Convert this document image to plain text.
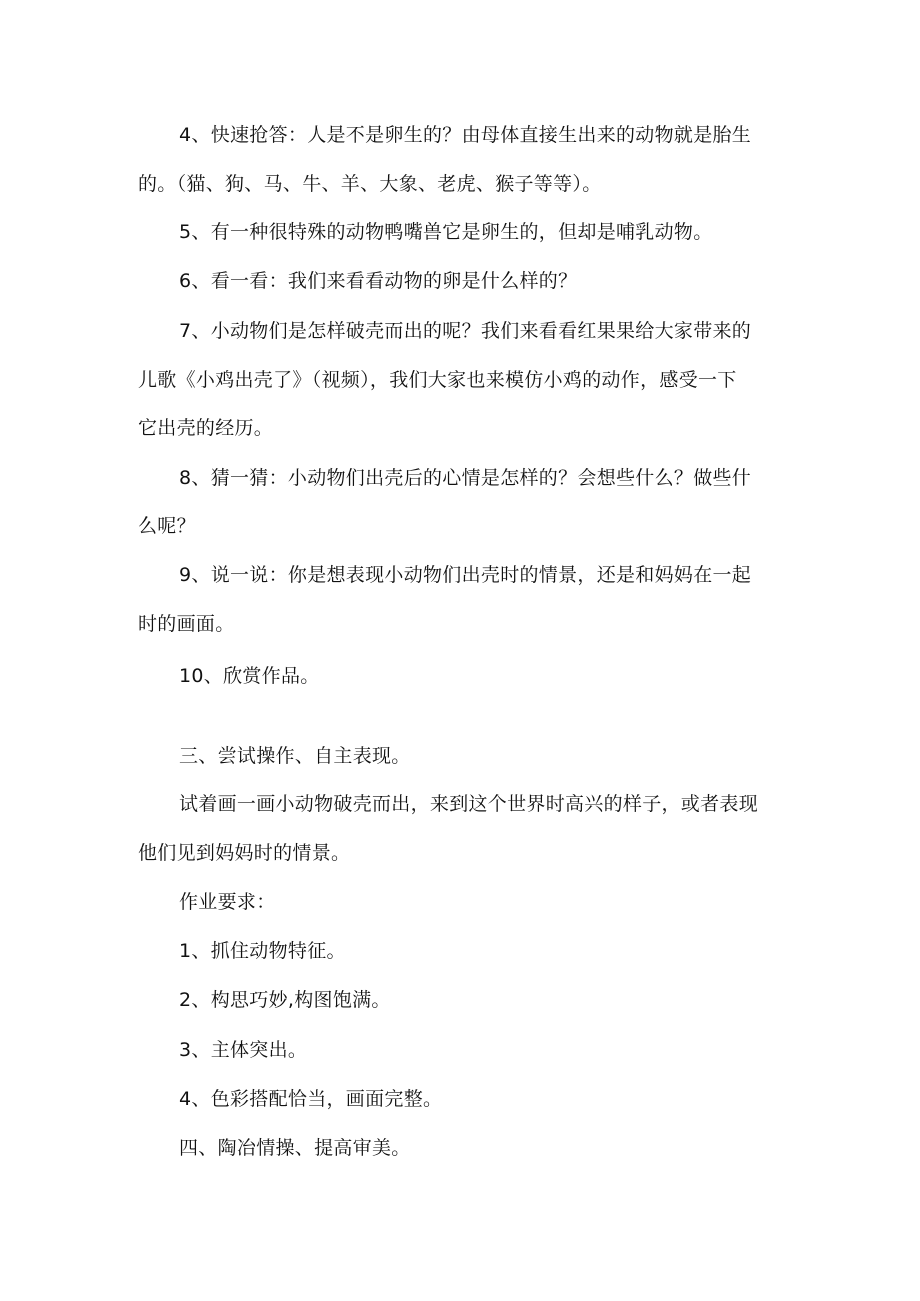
4、快速抢答：人是不是卵生的？由母体直接生出来的动物就是胎生
的。（猫、狗、马、牛、羊、大象、老虎、猴子等等）。
5、有一种很特殊的动物鸭嘴兽它是卵生的，但却是哺乳动物。
6、看一看：我们来看看动物的卵是什么样的？
7、小动物们是怎样破壳而出的呢？我们来看看红果果给大家带来的
儿歌《小鸡出壳了》（视频），我们大家也来模仿小鸡的动作，感受一下
它出壳的经历。
8、猜一猜：小动物们出壳后的心情是怎样的？会想些什么？做些什
么呢？
9、说一说：你是想表现小动物们出壳时的情景，还是和妈妈在一起
时的画面。
10、欣赏作品。
三、尝试操作、自主表现。
试着画一画小动物破壳而出，来到这个世界时高兴的样子，或者表现
他们见到妈妈时的情景。
作业要求：
1、抓住动物特征。
2、构思巧妙,构图饱满。
3、主体突出。
4、色彩搭配恰当，画面完整。
四、陶冶情操、提高审美。
